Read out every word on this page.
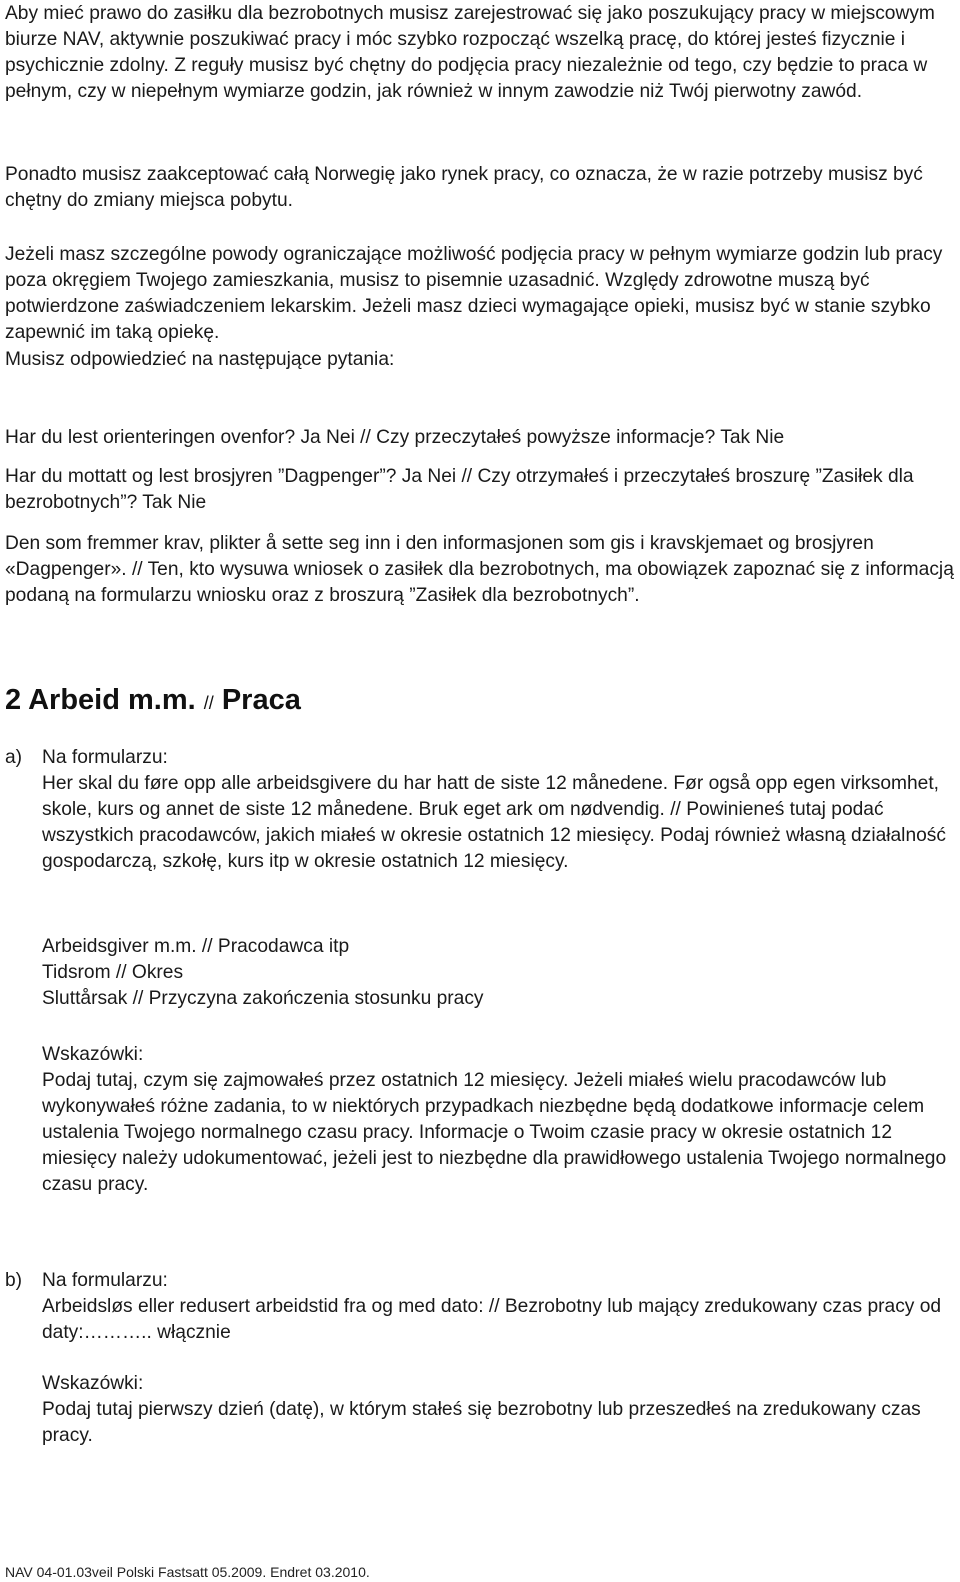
Aby mieć prawo do zasiłku dla bezrobotnych musisz zarejestrować się jako poszukujący pracy w miejscowym biurze NAV, aktywnie poszukiwać pracy i móc szybko rozpocząć wszelką pracę, do której jesteś fizycznie i psychicznie zdolny. Z reguły musisz być chętny do podjęcia pracy niezależnie od tego, czy będzie to praca w pełnym, czy w niepełnym wymiarze godzin, jak również w innym zawodzie niż Twój pierwotny zawód.

Ponadto musisz zaakceptować całą Norwegię jako rynek pracy, co oznacza, że w razie potrzeby musisz być chętny do zmiany miejsca pobytu.

Jeżeli masz szczególne powody ograniczające możliwość podjęcia pracy w pełnym wymiarze godzin lub pracy poza okręgiem Twojego zamieszkania, musisz to pisemnie uzasadnić. Względy zdrowotne muszą być potwierdzone zaświadczeniem lekarskim. Jeżeli masz dzieci wymagające opieki, musisz być w stanie szybko zapewnić im taką opiekę.

Musisz odpowiedzieć na następujące pytania:

Har du lest orienteringen ovenfor? Ja Nei // Czy przeczytałeś powyższe informacje? Tak Nie

Har du mottatt og lest brosjyren ”Dagpenger”? Ja Nei // Czy otrzymałeś i przeczytałeś broszurę ”Zasiłek dla bezrobotnych”? Tak Nie

Den som fremmer krav, plikter å sette seg inn i den informasjonen som gis i kravskjemaet og brosjyren «Dagpenger». // Ten, kto wysuwa wniosek o zasiłek dla bezrobotnych, ma obowiązek zapoznać się z informacją podaną na formularzu wniosku oraz z broszurą ”Zasiłek dla bezrobotnych”.

2 Arbeid m.m. // Praca
a) Na formularzu:
Her skal du føre opp alle arbeidsgivere du har hatt de siste 12 månedene. Før også opp egen virksomhet, skole, kurs og annet de siste 12 månedene. Bruk eget ark om nødvendig. // Powinieneś tutaj podać wszystkich pracodawców, jakich miałeś w okresie ostatnich 12 miesięcy. Podaj również własną działalność gospodarczą, szkołę, kurs itp w okresie ostatnich 12 miesięcy.

Arbeidsgiver m.m. // Pracodawca itp

Tidsrom // Okres

Sluttårsak // Przyczyna zakończenia stosunku pracy

Wskazówki:

Podaj tutaj, czym się zajmowałeś przez ostatnich 12 miesięcy. Jeżeli miałeś wielu pracodawców lub wykonywałeś różne zadania, to w niektórych przypadkach niezbędne będą dodatkowe informacje celem ustalenia Twojego normalnego czasu pracy. Informacje o Twoim czasie pracy w okresie ostatnich 12 miesięcy należy udokumentować, jeżeli jest to niezbędne dla prawidłowego ustalenia Twojego normalnego czasu pracy.

b) Na formularzu:

Arbeidsløs eller redusert arbeidstid fra og med dato: // Bezrobotny lub mający zredukowany czas pracy od daty:……….. włącznie

Wskazówki:

Podaj tutaj pierwszy dzień (datę), w którym stałeś się bezrobotny lub przeszedłeś na zredukowany czas pracy.

NAV 04-01.03veil Polski Fastsatt 05.2009. Endret 03.2010.
